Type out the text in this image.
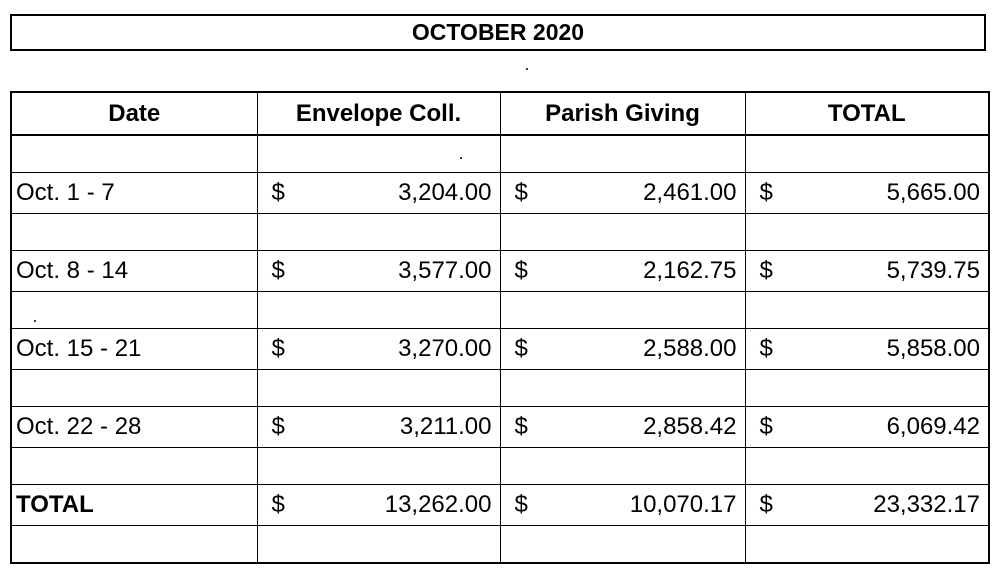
OCTOBER 2020
Date	Envelope Coll.	Parish Giving	TOTAL

Oct. 1 - 7	$ 3,204.00	$ 2,461.00	$ 5,665.00

Oct. 8 - 14	$ 3,577.00	$ 2,162.75	$ 5,739.75

Oct. 15 - 21	$ 3,270.00	$ 2,588.00	$ 5,858.00

Oct. 22 - 28	$ 3,211.00	$ 2,858.42	$ 6,069.42

TOTAL	$ 13,262.00	$ 10,070.17	$ 23,332.17
